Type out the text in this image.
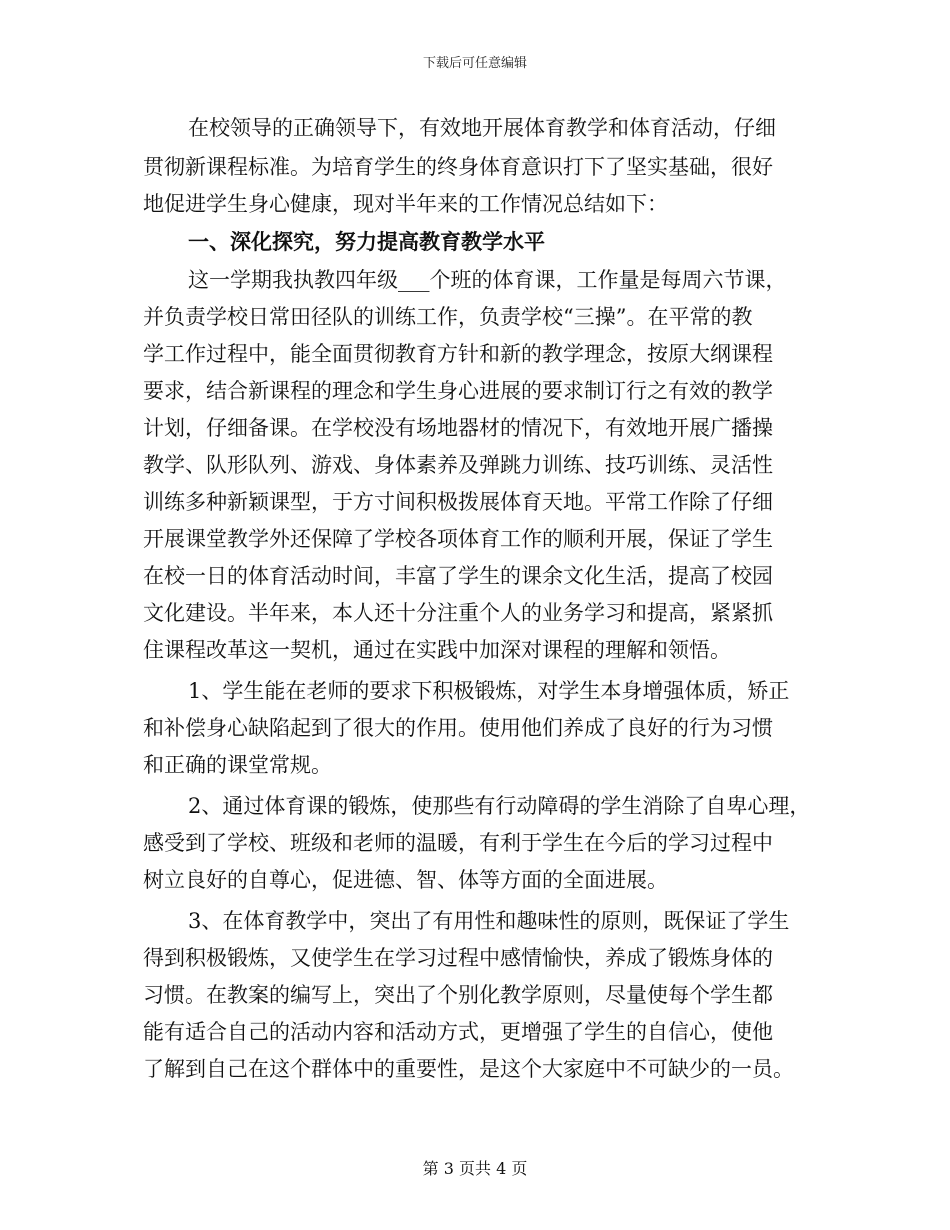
下载后可任意编辑
在校领导的正确领导下，有效地开展体育教学和体育活动，仔细
贯彻新课程标准。为培育学生的终身体育意识打下了坚实基础，很好
地促进学生身心健康，现对半年来的工作情况总结如下：
一、深化探究，努力提高教育教学水平
这一学期我执教四年级___个班的体育课，工作量是每周六节课，
并负责学校日常田径队的训练工作，负责学校“三操”。在平常的教
学工作过程中，能全面贯彻教育方针和新的教学理念，按原大纲课程
要求，结合新课程的理念和学生身心进展的要求制订行之有效的教学
计划，仔细备课。在学校没有场地器材的情况下，有效地开展广播操
教学、队形队列、游戏、身体素养及弹跳力训练、技巧训练、灵活性
训练多种新颖课型，于方寸间积极拨展体育天地。平常工作除了仔细
开展课堂教学外还保障了学校各项体育工作的顺利开展，保证了学生
在校一日的体育活动时间，丰富了学生的课余文化生活，提高了校园
文化建设。半年来，本人还十分注重个人的业务学习和提高，紧紧抓
住课程改革这一契机，通过在实践中加深对课程的理解和领悟。
1、学生能在老师的要求下积极锻炼，对学生本身增强体质，矫正
和补偿身心缺陷起到了很大的作用。使用他们养成了良好的行为习惯
和正确的课堂常规。
2、通过体育课的锻炼，使那些有行动障碍的学生消除了自卑心理，
感受到了学校、班级和老师的温暖，有利于学生在今后的学习过程中
树立良好的自尊心，促进德、智、体等方面的全面进展。
3、在体育教学中，突出了有用性和趣味性的原则，既保证了学生
得到积极锻炼，又使学生在学习过程中感情愉快，养成了锻炼身体的
习惯。在教案的编写上，突出了个别化教学原则，尽量使每个学生都
能有适合自己的活动内容和活动方式，更增强了学生的自信心，使他
了解到自己在这个群体中的重要性，是这个大家庭中不可缺少的一员。
第 3 页共 4 页
